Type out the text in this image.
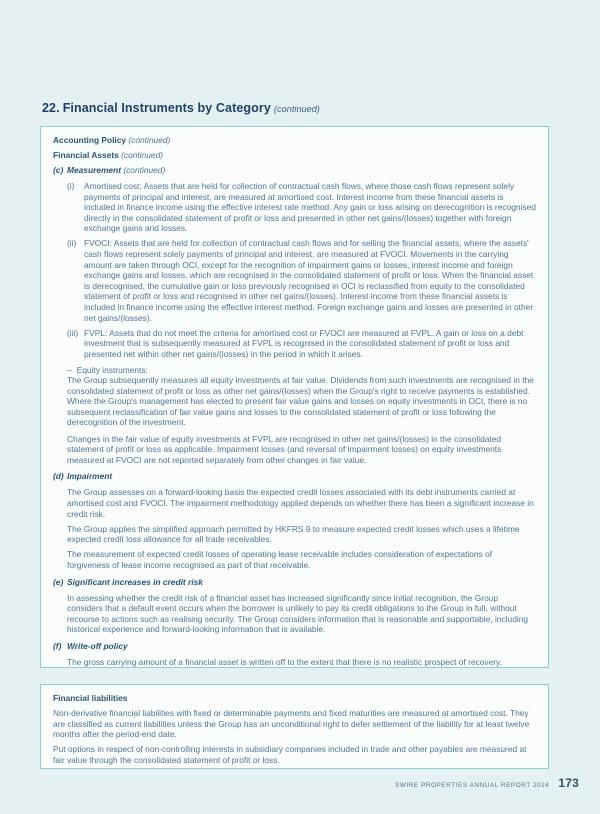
22. Financial Instruments by Category (continued)

Accounting Policy (continued)

Financial Assets (continued)

(c) Measurement (continued)

(i) Amortised cost: Assets that are held for collection of contractual cash flows, where those cash flows represent solely payments of principal and interest, are measured at amortised cost. Interest income from these financial assets is included in finance income using the effective interest rate method. Any gain or loss arising on derecognition is recognised directly in the consolidated statement of profit or loss and presented in other net gains/(losses) together with foreign exchange gains and losses.
(ii) FVOCI: Assets that are held for collection of contractual cash flows and for selling the financial assets, where the assets' cash flows represent solely payments of principal and interest, are measured at FVOCI. Movements in the carrying amount are taken through OCI, except for the recognition of impairment gains or losses, interest income and foreign exchange gains and losses, which are recognised in the consolidated statement of profit or loss. When the financial asset is derecognised, the cumulative gain or loss previously recognised in OCI is reclassified from equity to the consolidated statement of profit or loss and recognised in other net gains/(losses). Interest income from these financial assets is included in finance income using the effective interest method. Foreign exchange gains and losses are presented in other net gains/(losses).
(iii) FVPL: Assets that do not meet the criteria for amortised cost or FVOCI are measured at FVPL. A gain or loss on a debt investment that is subsequently measured at FVPL is recognised in the consolidated statement of profit or loss and presented net within other net gains/(losses) in the period in which it arises.

– Equity instruments:

The Group subsequently measures all equity investments at fair value. Dividends from such investments are recognised in the consolidated statement of profit or loss as other net gains/(losses) when the Group's right to receive payments is established. Where the Group's management has elected to present fair value gains and losses on equity investments in OCI, there is no subsequent reclassification of fair value gains and losses to the consolidated statement of profit or loss following the derecognition of the investment.

Changes in the fair value of equity investments at FVPL are recognised in other net gains/(losses) in the consolidated statement of profit or loss as applicable. Impairment losses (and reversal of impairment losses) on equity investments measured at FVOCI are not reported separately from other changes in fair value.

(d) Impairment

The Group assesses on a forward-looking basis the expected credit losses associated with its debt instruments carried at amortised cost and FVOCI. The impairment methodology applied depends on whether there has been a significant increase in credit risk.

The Group applies the simplified approach permitted by HKFRS 9 to measure expected credit losses which uses a lifetime expected credit loss allowance for all trade receivables.

The measurement of expected credit losses of operating lease receivable includes consideration of expectations of forgiveness of lease income recognised as part of that receivable.

(e) Significant increases in credit risk

In assessing whether the credit risk of a financial asset has increased significantly since initial recognition, the Group considers that a default event occurs when the borrower is unlikely to pay its credit obligations to the Group in full, without recourse to actions such as realising security. The Group considers information that is reasonable and supportable, including historical experience and forward-looking information that is available.

(f) Write-off policy

The gross carrying amount of a financial asset is written off to the extent that there is no realistic prospect of recovery.

Financial liabilities

Non-derivative financial liabilities with fixed or determinable payments and fixed maturities are measured at amortised cost. They are classified as current liabilities unless the Group has an unconditional right to defer settlement of the liability for at least twelve months after the period-end date.

Put options in respect of non-controlling interests in subsidiary companies included in trade and other payables are measured at fair value through the consolidated statement of profit or loss.

SWIRE PROPERTIES ANNUAL REPORT 2024 173
